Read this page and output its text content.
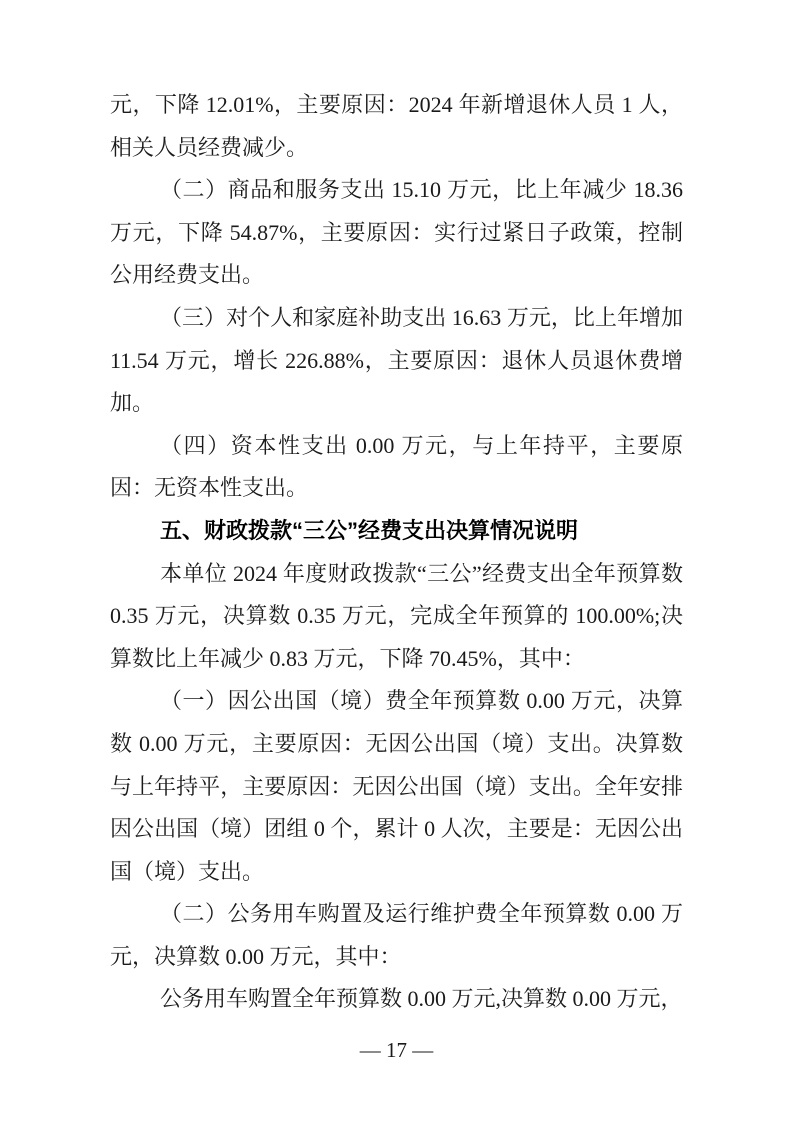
元，下降 12.01%，主要原因：2024 年新增退休人员 1 人，相关人员经费减少。

（二）商品和服务支出 15.10 万元，比上年减少 18.36 万元，下降 54.87%，主要原因：实行过紧日子政策，控制公用经费支出。

（三）对个人和家庭补助支出 16.63 万元，比上年增加 11.54 万元，增长 226.88%，主要原因：退休人员退休费增加。

（四）资本性支出 0.00 万元，与上年持平，主要原因：无资本性支出。

五、财政拨款“三公”经费支出决算情况说明

本单位 2024 年度财政拨款“三公”经费支出全年预算数 0.35 万元，决算数 0.35 万元，完成全年预算的 100.00%;决算数比上年减少 0.83 万元，下降 70.45%，其中：

（一）因公出国（境）费全年预算数 0.00 万元，决算数 0.00 万元，主要原因：无因公出国（境）支出。决算数与上年持平，主要原因：无因公出国（境）支出。全年安排因公出国（境）团组 0 个，累计 0 人次，主要是：无因公出国（境）支出。

（二）公务用车购置及运行维护费全年预算数 0.00 万元，决算数 0.00 万元，其中：

公务用车购置全年预算数 0.00 万元,决算数 0.00 万元，

— 17 —
